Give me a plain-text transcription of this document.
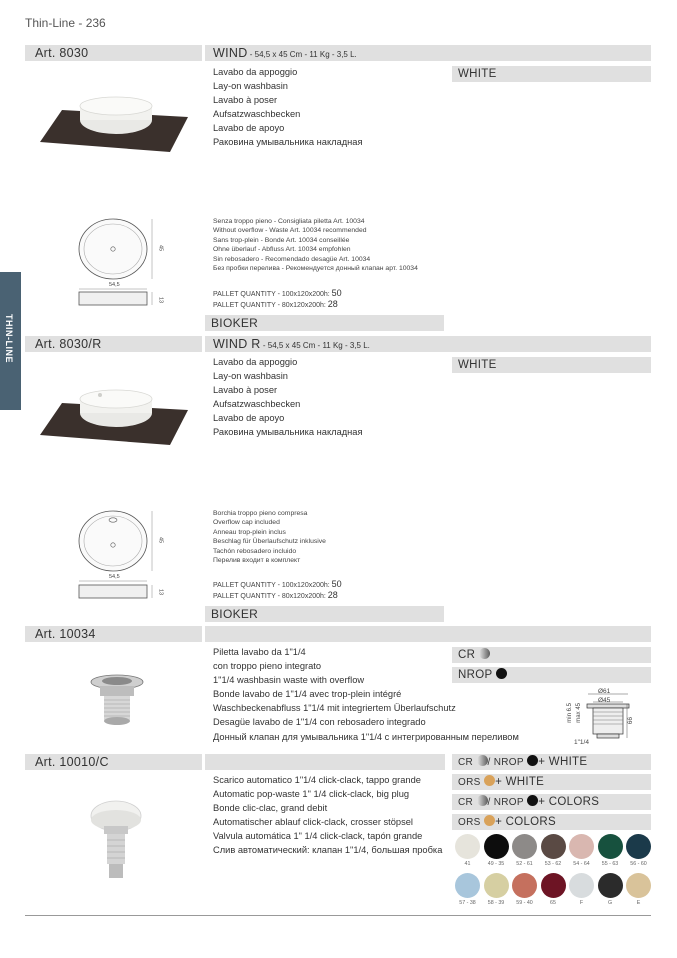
Thin-Line - 236
THIN-LINE
Art. 8030	WIND - 54,5 x 45 Cm - 11 Kg - 3,5 L.
Lavabo da appoggio
Lay-on washbasin
Lavabo à poser
Aufsatzwaschbecken
Lavabo de apoyo
Раковина умывальника накладная
WHITE
54,5
45
13
Senza troppo pieno - Consigliata piletta Art. 10034
Without overflow - Waste Art. 10034 recommended
Sans trop-plein - Bonde Art. 10034 conseillée
Ohne überlauf - Abfluss Art. 10034 empfohlen
Sin rebosadero - Recomendado desagüe Art. 10034
Без пробки перелива - Рекомендуется донный клапан арт. 10034
PALLET QUANTITY - 100x120x200h: 50
PALLET QUANTITY - 80x120x200h: 28
BIOKER
Art. 8030/R	WIND R - 54,5 x 45 Cm - 11 Kg - 3,5 L.
Lavabo da appoggio
Lay-on washbasin
Lavabo à poser
Aufsatzwaschbecken
Lavabo de apoyo
Раковина умывальника накладная
WHITE
54,5
45
13
Borchia troppo pieno compresa
Overflow cap included
Anneau trop-plein inclus
Beschlag für Überlaufschutz inklusive
Tachón rebosadero incluido
Перелив входит в комплект
PALLET QUANTITY - 100x120x200h: 50
PALLET QUANTITY - 80x120x200h: 28
BIOKER
Art. 10034
Piletta lavabo da 1"1/4
con troppo pieno integrato
1"1/4 washbasin waste with overflow
Bonde lavabo de 1"1/4 avec trop-plein intégré
Waschbeckenabfluss 1"1/4 mit integriertem Überlaufschutz
Desagüe lavabo de 1"1/4 con rebosadero integrado
Донный клапан для умывальника 1"1/4 с интегрированным переливом
CR
NROP
Ø61
Ø45
min 6.5 max 45	66
1"1/4
Art. 10010/C	CR / NROP + WHITE
ORS + WHITE
CR / NROP + COLORS
ORS + COLORS
Scarico automatico 1"1/4 click-clack, tappo grande
Automatic pop-waste 1" 1/4 click-clack, big plug
Bonde clic-clac, grand debit
Automatischer ablauf click-clack, crosser stöpsel
Valvula automática 1" 1/4 click-clack, tapón grande
Слив автоматический: клапан 1"1/4, большая пробка
41	49 - 35	52 - 61	53 - 62	54 - 64	55 - 63	56 - 60
57 - 38	58 - 39	59 - 40	65	F	G	E
